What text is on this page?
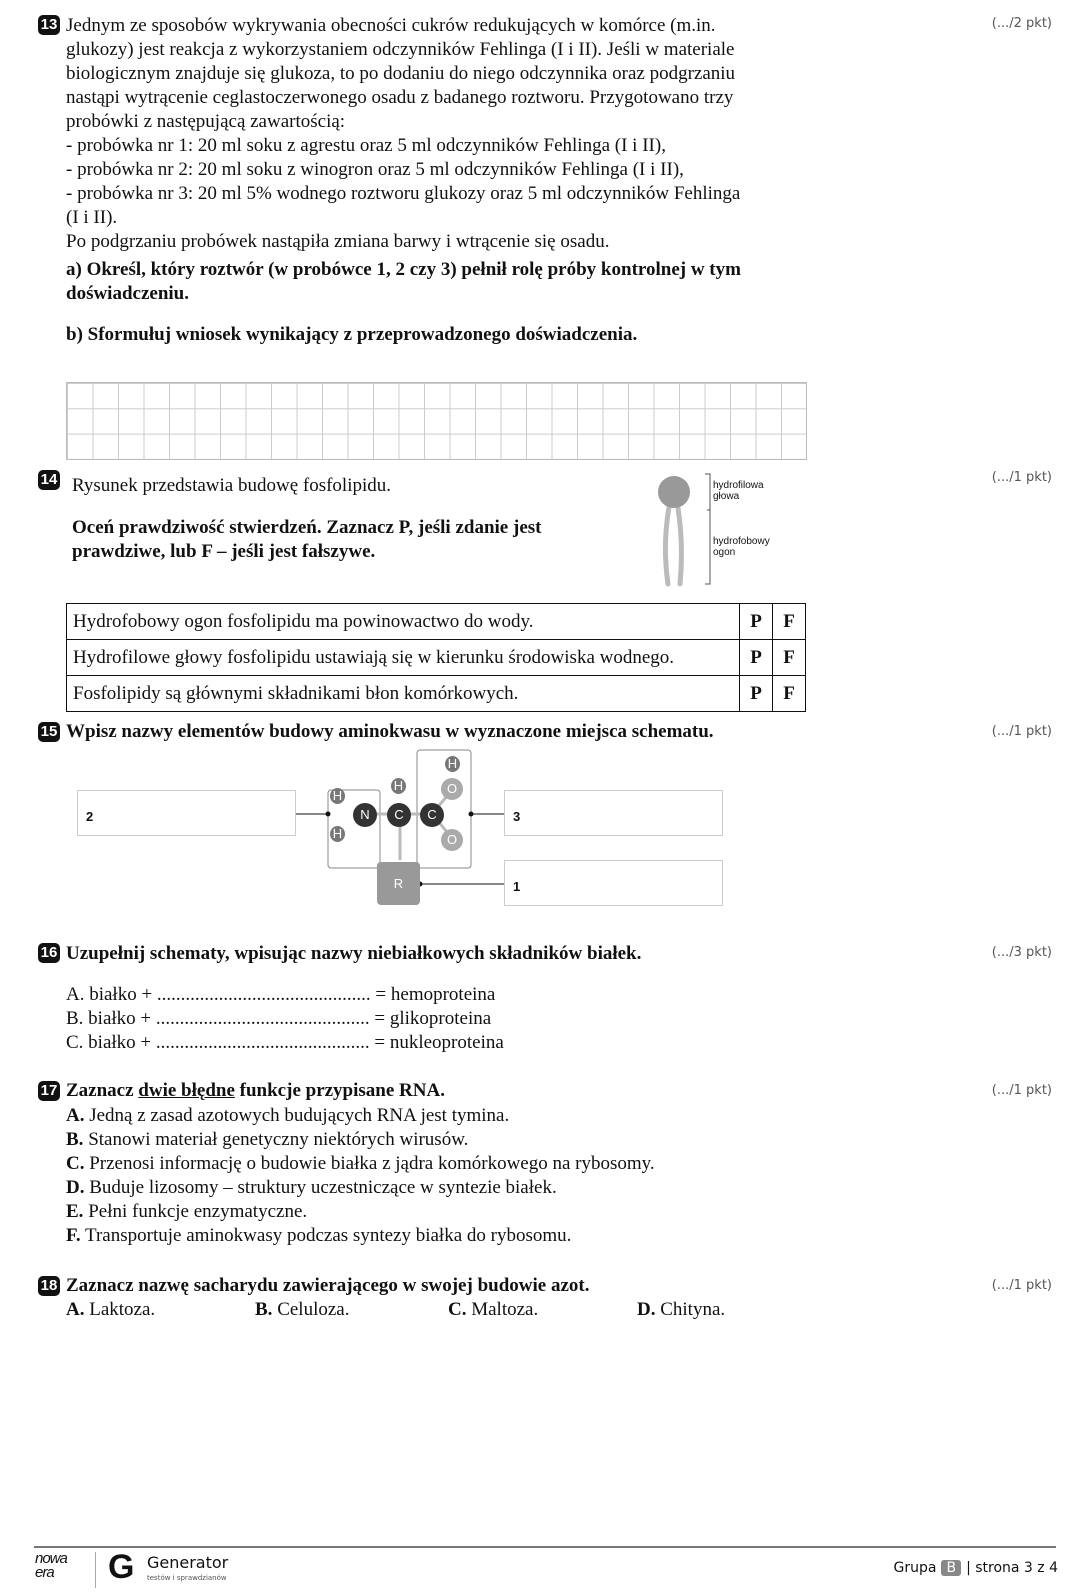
13	(.../2 pkt)
Jednym ze sposobów wykrywania obecności cukrów redukujących w komórce (m.in.
glukozy) jest reakcja z wykorzystaniem odczynników Fehlinga (I i II). Jeśli w materiale
biologicznym znajduje się glukoza, to po dodaniu do niego odczynnika oraz podgrzaniu
nastąpi wytrącenie ceglastoczerwonego osadu z badanego roztworu. Przygotowano trzy
probówki z następującą zawartością:
- probówka nr 1: 20 ml soku z agrestu oraz 5 ml odczynników Fehlinga (I i II),
- probówka nr 2: 20 ml soku z winogron oraz 5 ml odczynników Fehlinga (I i II),
- probówka nr 3: 20 ml 5% wodnego roztworu glukozy oraz 5 ml odczynników Fehlinga
(I i II).
Po podgrzaniu probówek nastąpiła zmiana barwy i wtrącenie się osadu.
a) Określ, który roztwór (w probówce 1, 2 czy 3) pełnił rolę próby kontrolnej w tym
doświadczeniu.
b) Sformułuj wniosek wynikający z przeprowadzonego doświadczenia.
14	(.../1 pkt)
Rysunek przedstawia budowę fosfolipidu.
Oceń prawdziwość stwierdzeń. Zaznacz P, jeśli zdanie jest
prawdziwe, lub F – jeśli jest fałszywe.
hydrofilowa
głowa
hydrofobowy
ogon
Hydrofobowy ogon fosfolipidu ma powinowactwo do wody.	P	F
Hydrofilowe głowy fosfolipidu ustawiają się w kierunku środowiska wodnego.	P	F
Fosfolipidy są głównymi składnikami błon komórkowych.	P	F
15	(.../1 pkt)
Wpisz nazwy elementów budowy aminokwasu w wyznaczone miejsca schematu.
H
H
N
H
C	C
H
O
O
R
2	3
1
16	(.../3 pkt)
Uzupełnij schematy, wpisując nazwy niebiałkowych składników białek.
A. białko + ............................................. = hemoproteina
B. białko + ............................................. = glikoproteina
C. białko + ............................................. = nukleoproteina
17	(.../1 pkt)
Zaznacz dwie błędne funkcje przypisane RNA.
A. Jedną z zasad azotowych budujących RNA jest tymina.
B. Stanowi materiał genetyczny niektórych wirusów.
C. Przenosi informację o budowie białka z jądra komórkowego na rybosomy.
D. Buduje lizosomy – struktury uczestniczące w syntezie białek.
E. Pełni funkcje enzymatyczne.
F. Transportuje aminokwasy podczas syntezy białka do rybosomu.
18	(.../1 pkt)
Zaznacz nazwę sacharydu zawierającego w swojej budowie azot.
A. Laktoza.	B. Celuloza.	C. Maltoza.	D. Chityna.
nowa
era	G Generator
testów i sprawdzianów
Grupa B | strona 3 z 4
